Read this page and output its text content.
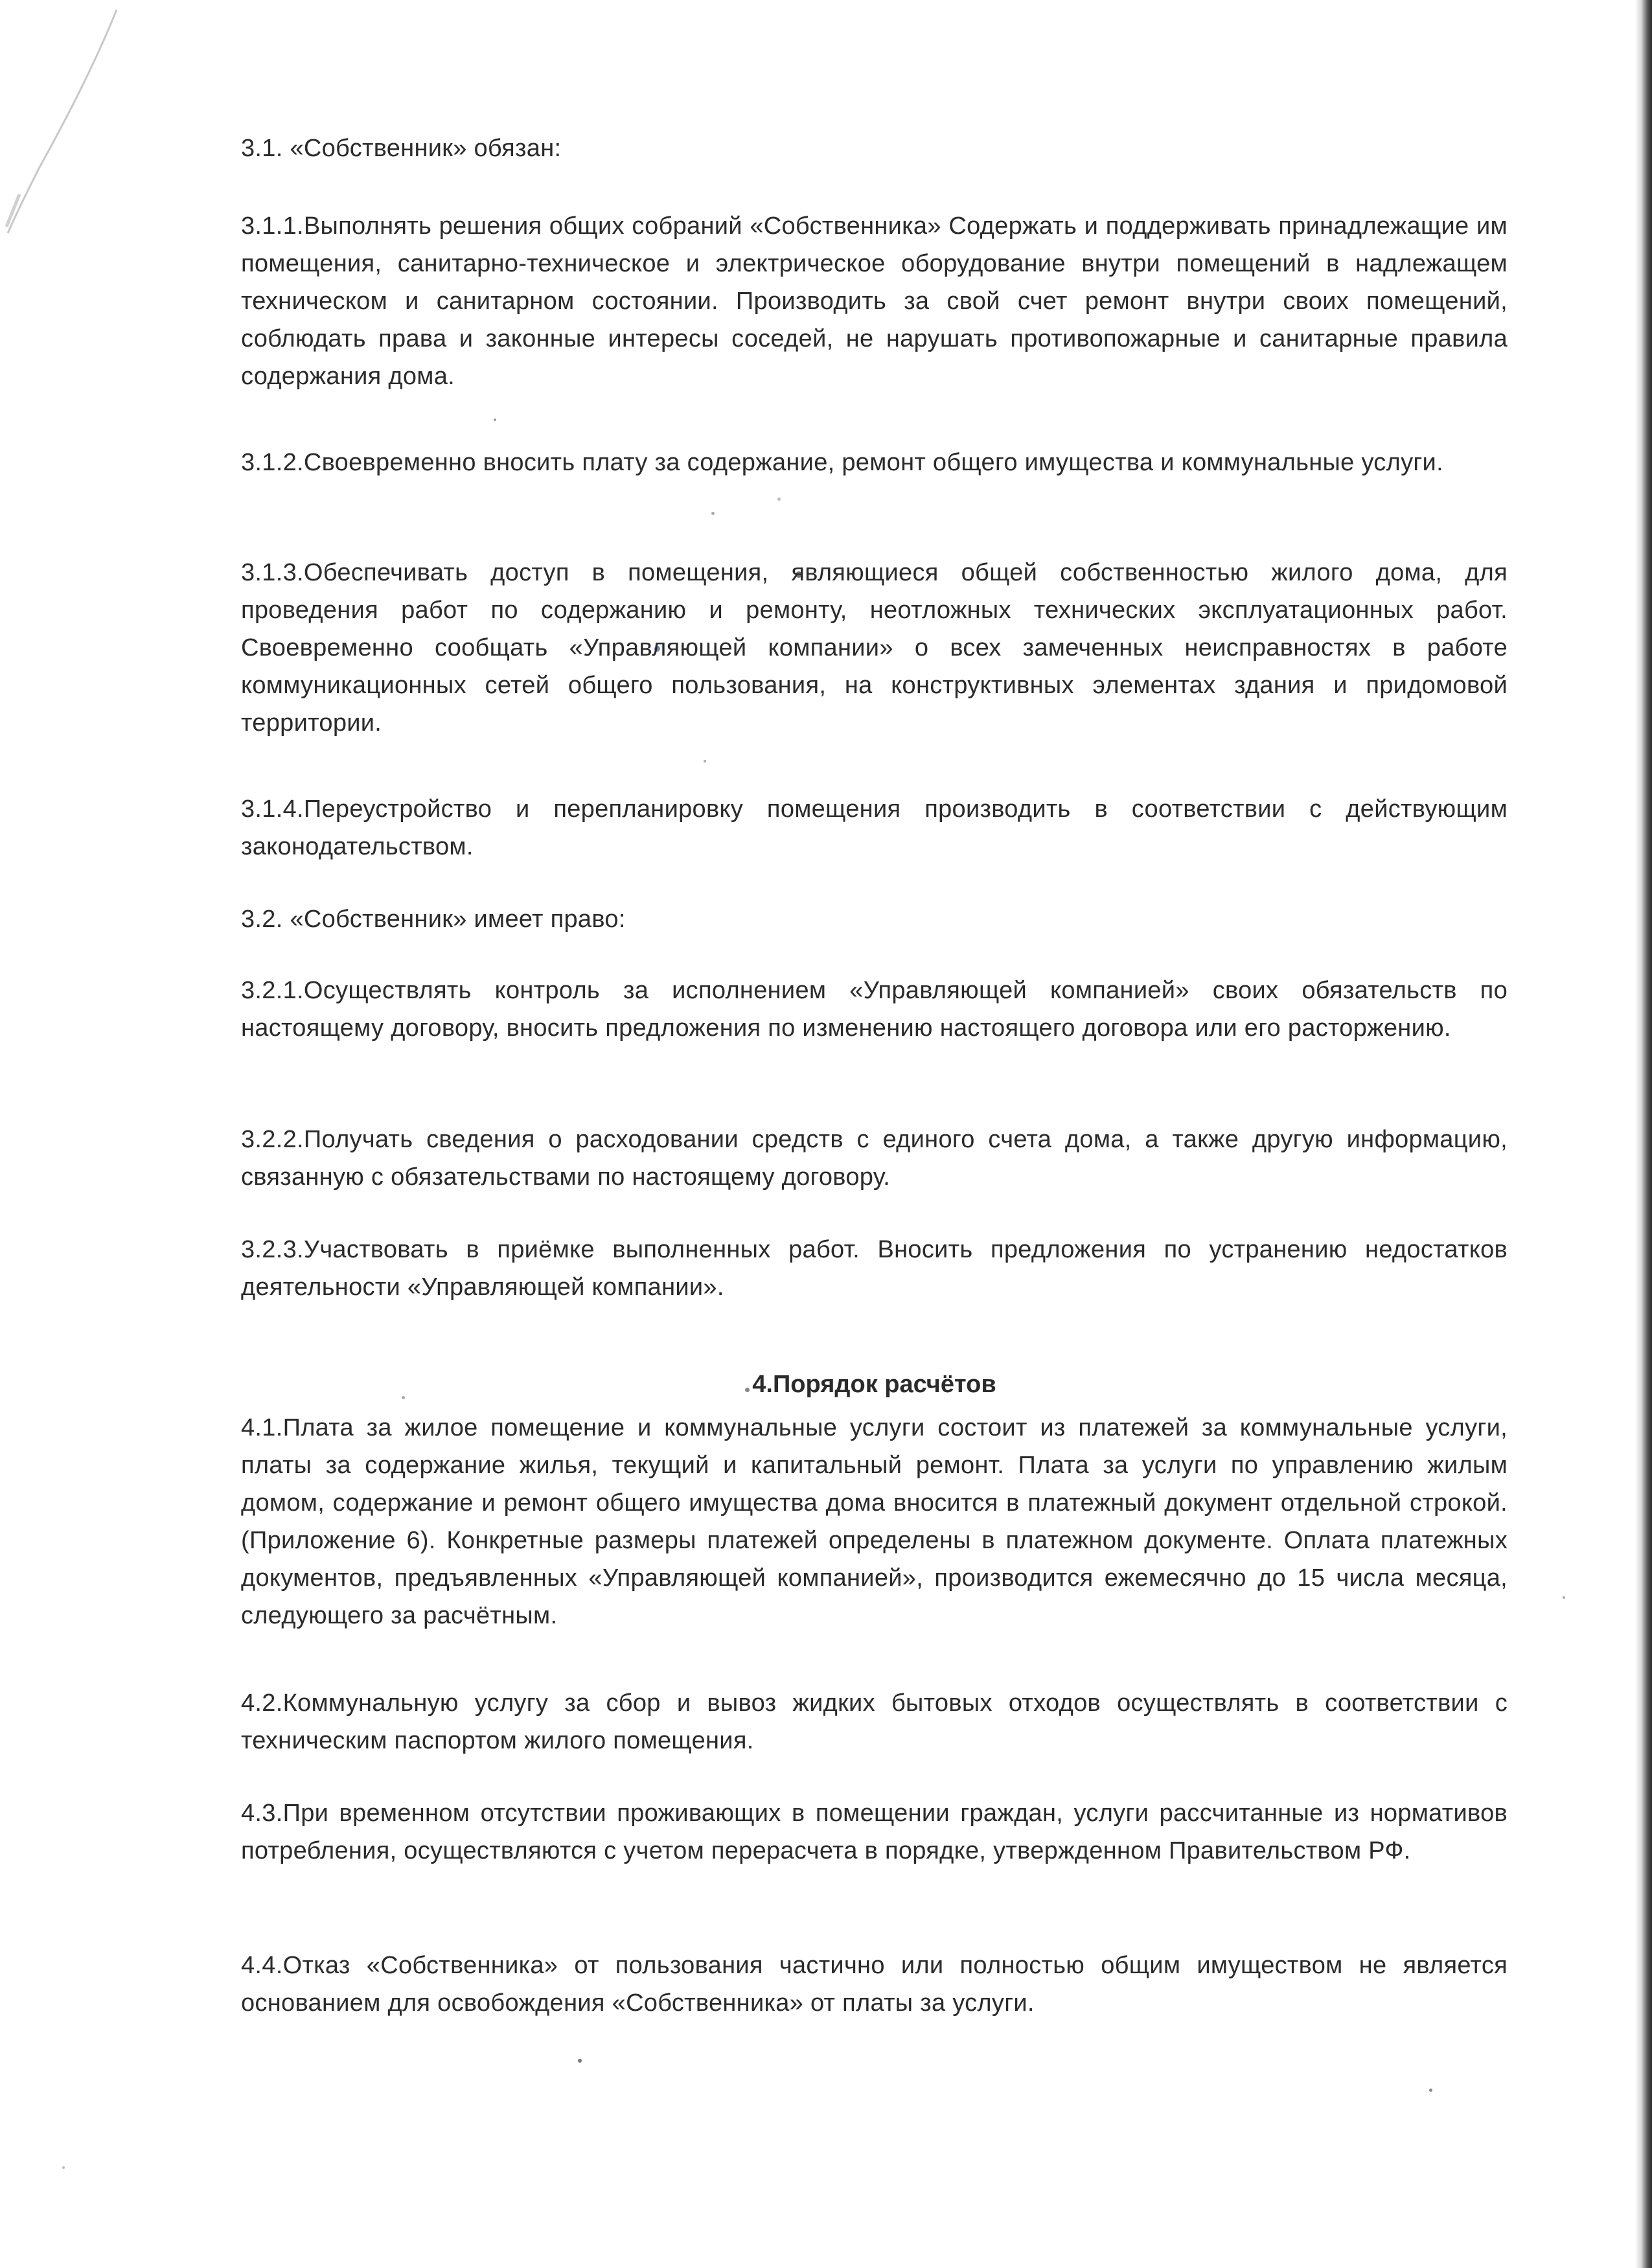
3.1. «Собственник» обязан:

3.1.1.Выполнять решения общих собраний «Собственника» Содержать и поддерживать принадлежащие им помещения, санитарно-техническое и электрическое оборудование внутри помещений в надлежащем техническом и санитарном состоянии. Производить за свой счет ремонт внутри своих помещений, соблюдать права и законные интересы соседей, не нарушать противопожарные и санитарные правила содержания дома.

3.1.2.Своевременно вносить плату за содержание, ремонт общего имущества и коммунальные услуги.

3.1.3.Обеспечивать доступ в помещения, являющиеся общей собственностью жилого дома, для проведения работ по содержанию и ремонту, неотложных технических эксплуатационных работ. Своевременно сообщать «Управляющей компании» о всех замеченных неисправностях в работе коммуникационных сетей общего пользования, на конструктивных элементах здания и придомовой территории.

3.1.4.Переустройство и перепланировку помещения производить в соответствии с действующим законодательством.

3.2. «Собственник» имеет право:

3.2.1.Осуществлять контроль за исполнением «Управляющей компанией» своих обязательств по настоящему договору, вносить предложения по изменению настоящего договора или его расторжению.

3.2.2.Получать сведения о расходовании средств с единого счета дома, а также другую информацию, связанную с обязательствами по настоящему договору.

3.2.3.Участвовать в приёмке выполненных работ. Вносить предложения по устранению недостатков деятельности «Управляющей компании».

4.Порядок расчётов

4.1.Плата за жилое помещение и коммунальные услуги состоит из платежей за коммунальные услуги, платы за содержание жилья, текущий и капитальный ремонт. Плата за услуги по управлению жилым домом, содержание и ремонт общего имущества дома вносится в платежный документ отдельной строкой. (Приложение 6). Конкретные размеры платежей определены в платежном документе. Оплата платежных документов, предъявленных «Управляющей компанией», производится ежемесячно до 15 числа месяца, следующего за расчётным.

4.2.Коммунальную услугу за сбор и вывоз жидких бытовых отходов осуществлять в соответствии с техническим паспортом жилого помещения.

4.3.При временном отсутствии проживающих в помещении граждан, услуги рассчитанные из нормативов потребления, осуществляются с учетом перерасчета в порядке, утвержденном Правительством РФ.

4.4.Отказ «Собственника» от пользования частично или полностью общим имуществом не является основанием для освобождения «Собственника» от платы за услуги.
